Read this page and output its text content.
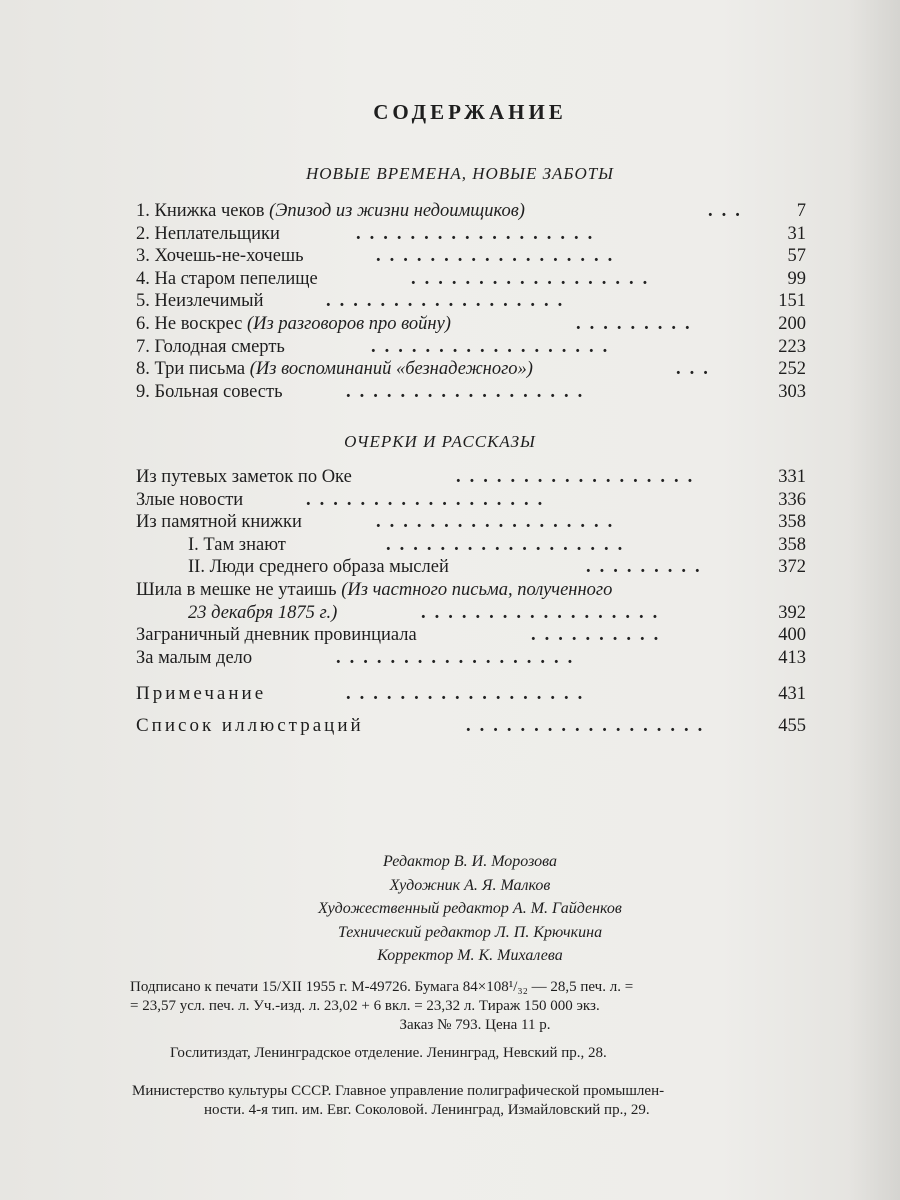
СОДЕРЖАНИЕ
НОВЫЕ ВРЕМЕНА, НОВЫЕ ЗАБОТЫ
1. Книжка чеков (Эпизод из жизни недоимщиков)	...	7
2. Неплательщики	..................	31
3. Хочешь-не-хочешь	..................	57
4. На старом пепелище	..................	99
5. Неизлечимый	..................	151
6. Не воскрес (Из разговоров про войну)	.........	200
7. Голодная смерть	..................	223
8. Три письма (Из воспоминаний «безнадежного»)	...	252
9. Больная совесть	..................	303
ОЧЕРКИ И РАССКАЗЫ
Из путевых заметок по Оке	..................	331
Злые новости	..................	336
Из памятной книжки	..................	358
I. Там знают	..................	358
II. Люди среднего образа мыслей	.........	372
Шила в мешке не утаишь (Из частного письма, полученного
23 декабря 1875 г.)	..................	392
Заграничный дневник провинциала	..........	400
За малым дело	..................	413
Примечание	..................	431
Список иллюстраций	..................	455
Редактор В. И. Морозова
Художник А. Я. Малков
Художественный редактор А. М. Гайденков
Технический редактор Л. П. Крючкина
Корректор М. К. Михалева
Подписано к печати 15/XII 1955 г. М-49726. Бумага 84×108¹/₃₂ — 28,5 печ. л. =
= 23,57 усл. печ. л. Уч.-изд. л. 23,02 + 6 вкл. = 23,32 л. Тираж 150 000 экз.
Заказ № 793. Цена 11 р.
Гослитиздат, Ленинградское отделение. Ленинград, Невский пр., 28.
Министерство культуры СССР. Главное управление полиграфической промышлен-
ности. 4-я тип. им. Евг. Соколовой. Ленинград, Измайловский пр., 29.
